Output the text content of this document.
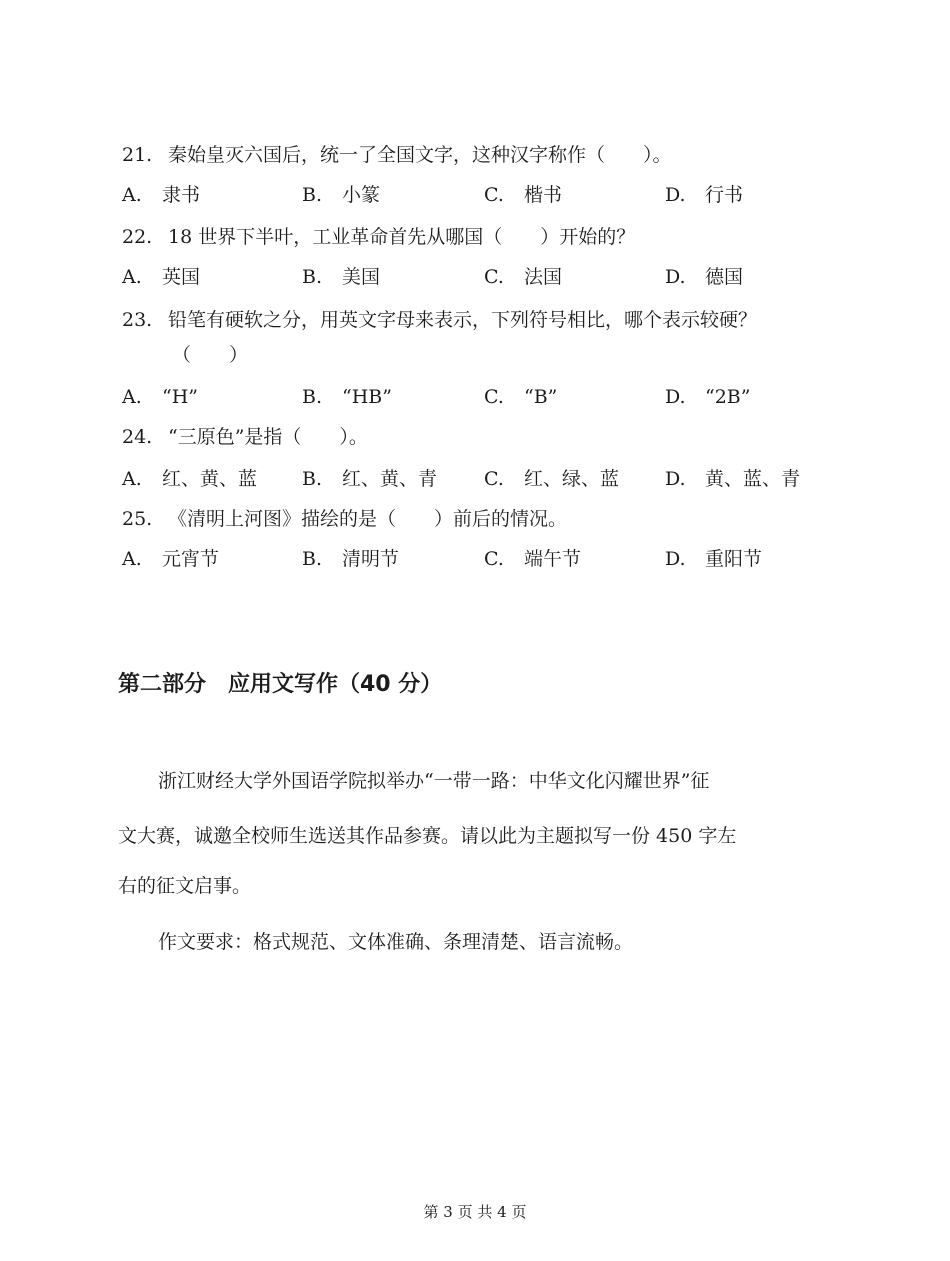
21. 秦始皇灭六国后，统一了全国文字，这种汉字称作（　　）。
A. 隶书	B. 小篆	C. 楷书	D. 行书
22. 18 世界下半叶，工业革命首先从哪国（　　）开始的？
A. 英国	B. 美国	C. 法国	D. 德国
23. 铅笔有硬软之分，用英文字母来表示，下列符号相比，哪个表示较硬？
（　　）
A. “H”	B. “HB”	C. “B”	D. “2B”
24. “三原色”是指（　　）。
A. 红、黄、蓝 B. 红、黄、青 C. 红、绿、蓝 D. 黄、蓝、青
25. 《清明上河图》描绘的是（　　）前后的情况。
A. 元宵节	B. 清明节	C. 端午节	D. 重阳节
第二部分　应用文写作（40 分）
浙江财经大学外国语学院拟举办“一带一路：中华文化闪耀世界”征
文大赛，诚邀全校师生选送其作品参赛。请以此为主题拟写一份 450 字左
右的征文启事。
作文要求：格式规范、文体准确、条理清楚、语言流畅。
第 3 页 共 4 页
